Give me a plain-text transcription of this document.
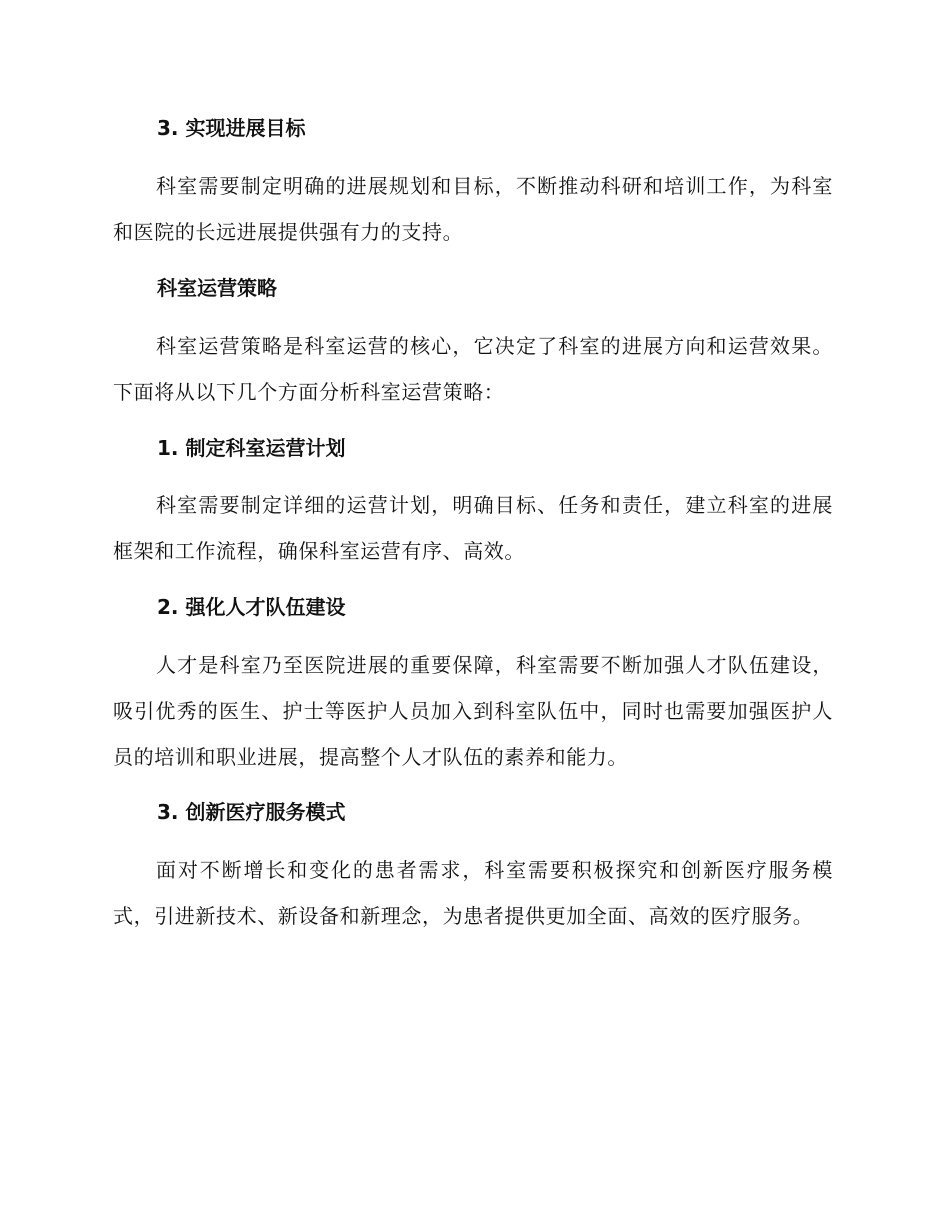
3. 实现进展目标

科室需要制定明确的进展规划和目标，不断推动科研和培训工作，为科室和医院的长远进展提供强有力的支持。

科室运营策略

科室运营策略是科室运营的核心，它决定了科室的进展方向和运营效果。下面将从以下几个方面分析科室运营策略：

1. 制定科室运营计划

科室需要制定详细的运营计划，明确目标、任务和责任，建立科室的进展框架和工作流程，确保科室运营有序、高效。

2. 强化人才队伍建设

人才是科室乃至医院进展的重要保障，科室需要不断加强人才队伍建设，吸引优秀的医生、护士等医护人员加入到科室队伍中，同时也需要加强医护人员的培训和职业进展，提高整个人才队伍的素养和能力。

3. 创新医疗服务模式

面对不断增长和变化的患者需求，科室需要积极探究和创新医疗服务模式，引进新技术、新设备和新理念，为患者提供更加全面、高效的医疗服务。
